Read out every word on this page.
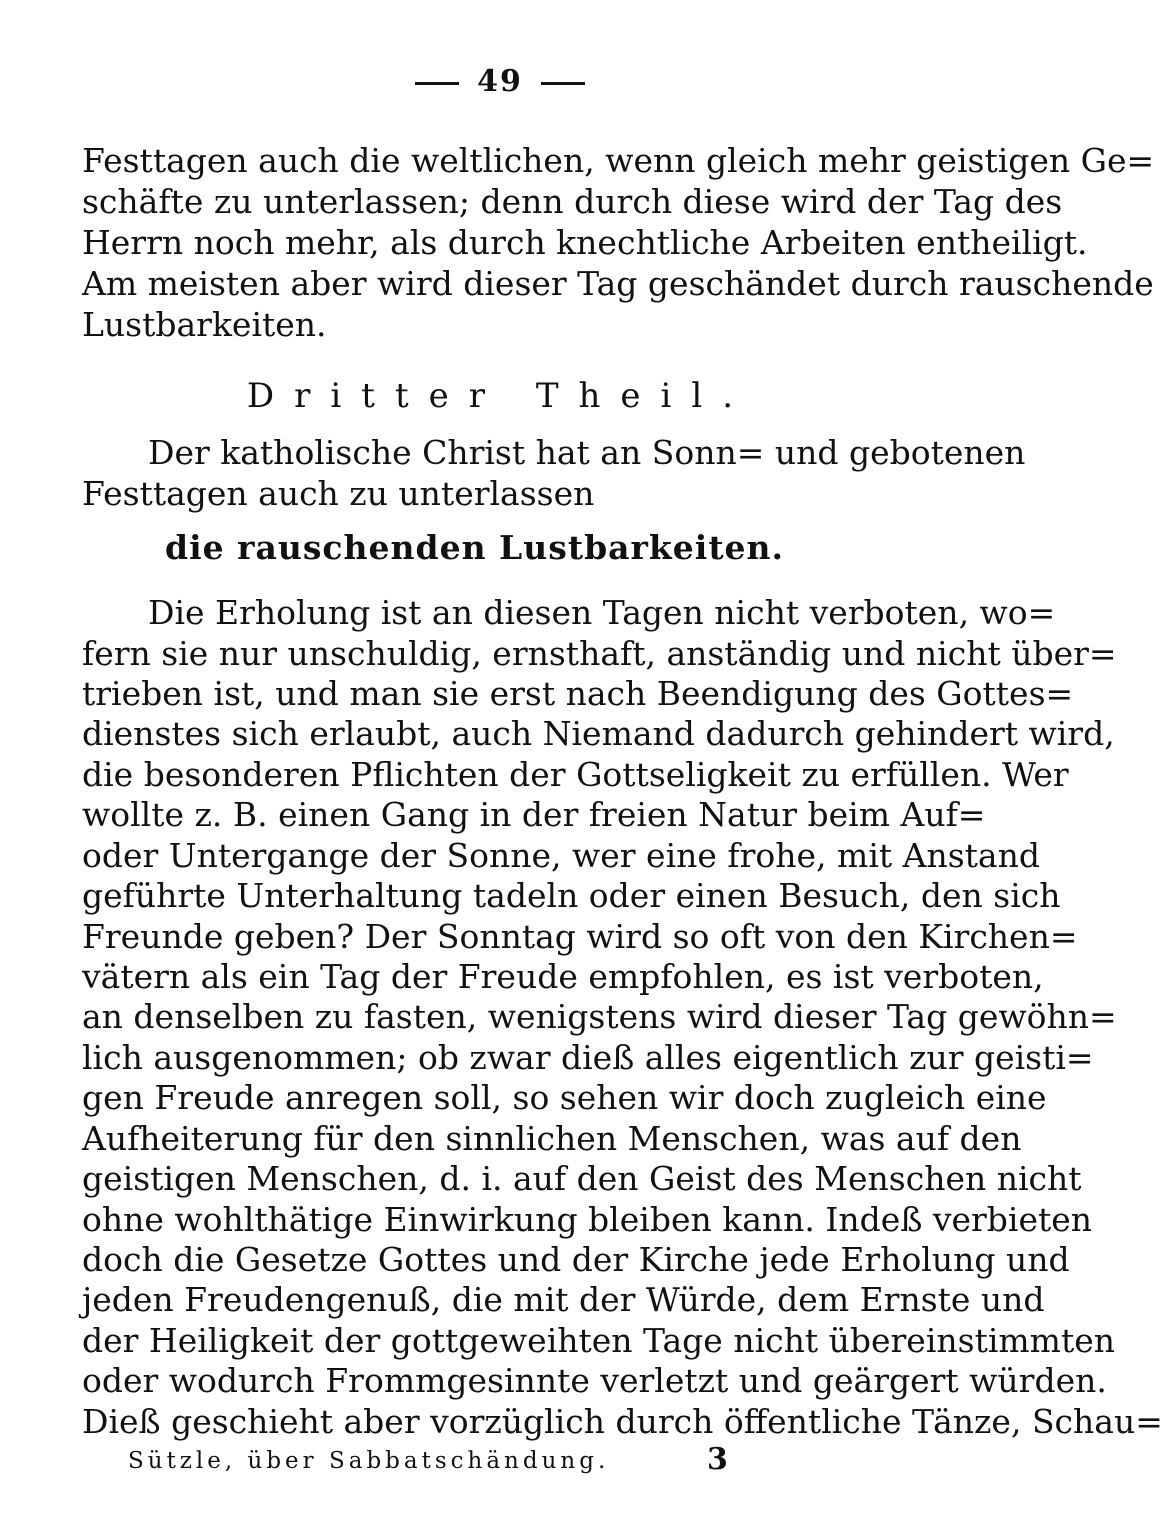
49
Festtagen auch die weltlichen, wenn gleich mehr geistigen Ge=
schäfte zu unterlassen; denn durch diese wird der Tag des
Herrn noch mehr, als durch knechtliche Arbeiten entheiligt.
Am meisten aber wird dieser Tag geschändet durch rauschende
Lustbarkeiten.
Dritter Theil.
Der katholische Christ hat an Sonn= und gebotenen
Festtagen auch zu unterlassen
die rauschenden Lustbarkeiten.
Die Erholung ist an diesen Tagen nicht verboten, wo=
fern sie nur unschuldig, ernsthaft, anständig und nicht über=
trieben ist, und man sie erst nach Beendigung des Gottes=
dienstes sich erlaubt, auch Niemand dadurch gehindert wird,
die besonderen Pflichten der Gottseligkeit zu erfüllen. Wer
wollte z. B. einen Gang in der freien Natur beim Auf=
oder Untergange der Sonne, wer eine frohe, mit Anstand
geführte Unterhaltung tadeln oder einen Besuch, den sich
Freunde geben? Der Sonntag wird so oft von den Kirchen=
vätern als ein Tag der Freude empfohlen, es ist verboten,
an denselben zu fasten, wenigstens wird dieser Tag gewöhn=
lich ausgenommen; ob zwar dieß alles eigentlich zur geisti=
gen Freude anregen soll, so sehen wir doch zugleich eine
Aufheiterung für den sinnlichen Menschen, was auf den
geistigen Menschen, d. i. auf den Geist des Menschen nicht
ohne wohlthätige Einwirkung bleiben kann. Indeß verbieten
doch die Gesetze Gottes und der Kirche jede Erholung und
jeden Freudengenuß, die mit der Würde, dem Ernste und
der Heiligkeit der gottgeweihten Tage nicht übereinstimmten
oder wodurch Frommgesinnte verletzt und geärgert würden.
Dieß geschieht aber vorzüglich durch öffentliche Tänze, Schau=
Sützle, über Sabbatschändung.	3
